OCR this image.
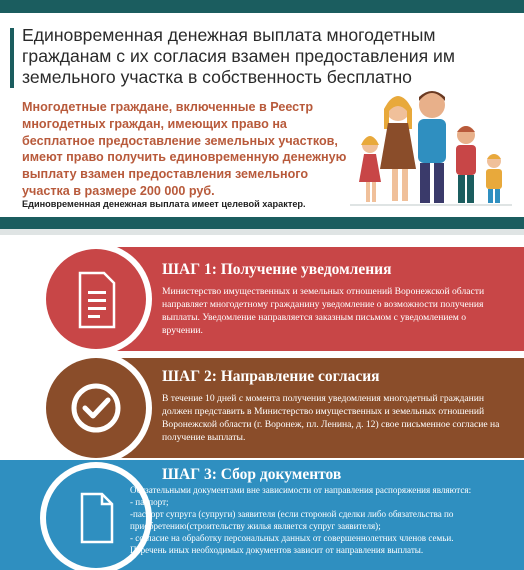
Единовременная денежная выплата многодетным гражданам с их согласия взамен предоставления им земельного участка в собственность бесплатно
Многодетные граждане, включенные в Реестр многодетных граждан, имеющих право на бесплатное предоставление земельных участков, имеют право получить единовременную денежную выплату взамен предоставления земельного участка в размере 200 000 руб.
Единовременная денежная выплата имеет целевой характер.
ШАГ 1: Получение уведомления
Министерство имущественных и земельных отношений Воронежской области направляет многодетному гражданину уведомление о возможности получения выплаты. Уведомление направляется заказным письмом с уведомлением о вручении.
ШАГ 2: Направление согласия
В течение 10 дней с момента получения уведомления многодетный гражданин должен представить в Министерство имущественных и земельных отношений Воронежской области (г. Воронеж, пл. Ленина, д. 12) свое письменное согласие на получение выплаты.
ШАГ 3: Сбор документов
Обязательными документами вне зависимости от направления распоряжения являются:
- паспорт;
-паспорт супруга (супруги) заявителя (если стороной сделки либо обязательства по приобретению(строительству жилья является супруг заявителя);
- согласие на обработку персональных данных от совершеннолетних членов семьи.
Перечень иных необходимых документов зависит от направления выплаты.
